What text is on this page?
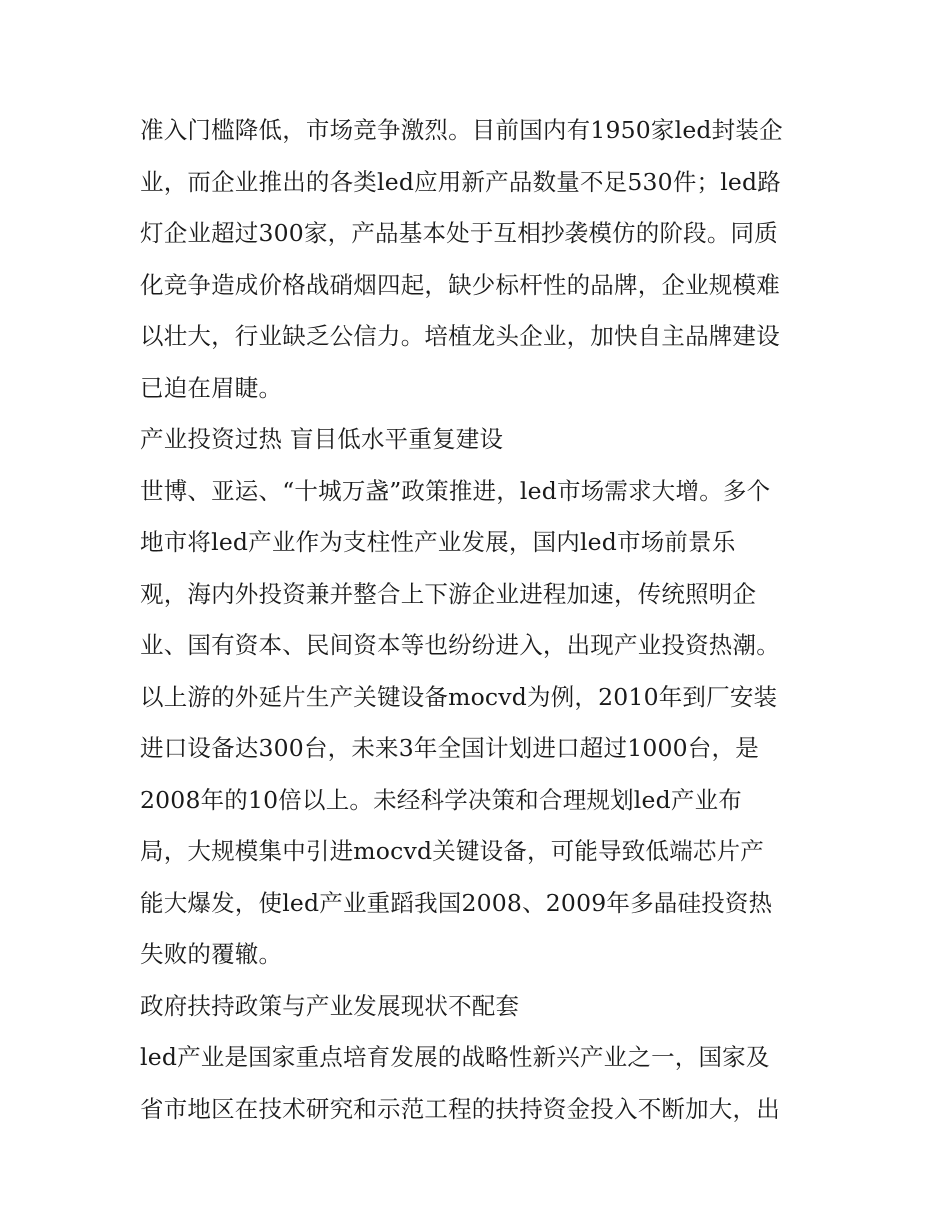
准入门槛降低，市场竞争激烈。目前国内有1950家led封装企
业，而企业推出的各类led应用新产品数量不足530件；led路
灯企业超过300家，产品基本处于互相抄袭模仿的阶段。同质
化竞争造成价格战硝烟四起，缺少标杆性的品牌，企业规模难
以壮大，行业缺乏公信力。培植龙头企业，加快自主品牌建设
已迫在眉睫。
产业投资过热 盲目低水平重复建设
世博、亚运、“十城万盏”政策推进，led市场需求大增。多个
地市将led产业作为支柱性产业发展，国内led市场前景乐
观，海内外投资兼并整合上下游企业进程加速，传统照明企
业、国有资本、民间资本等也纷纷进入，出现产业投资热潮。
以上游的外延片生产关键设备mocvd为例，2010年到厂安装
进口设备达300台，未来3年全国计划进口超过1000台，是
2008年的10倍以上。未经科学决策和合理规划led产业布
局，大规模集中引进mocvd关键设备，可能导致低端芯片产
能大爆发，使led产业重蹈我国2008、2009年多晶硅投资热
失败的覆辙。
政府扶持政策与产业发展现状不配套
led产业是国家重点培育发展的战略性新兴产业之一，国家及
省市地区在技术研究和示范工程的扶持资金投入不断加大，出
